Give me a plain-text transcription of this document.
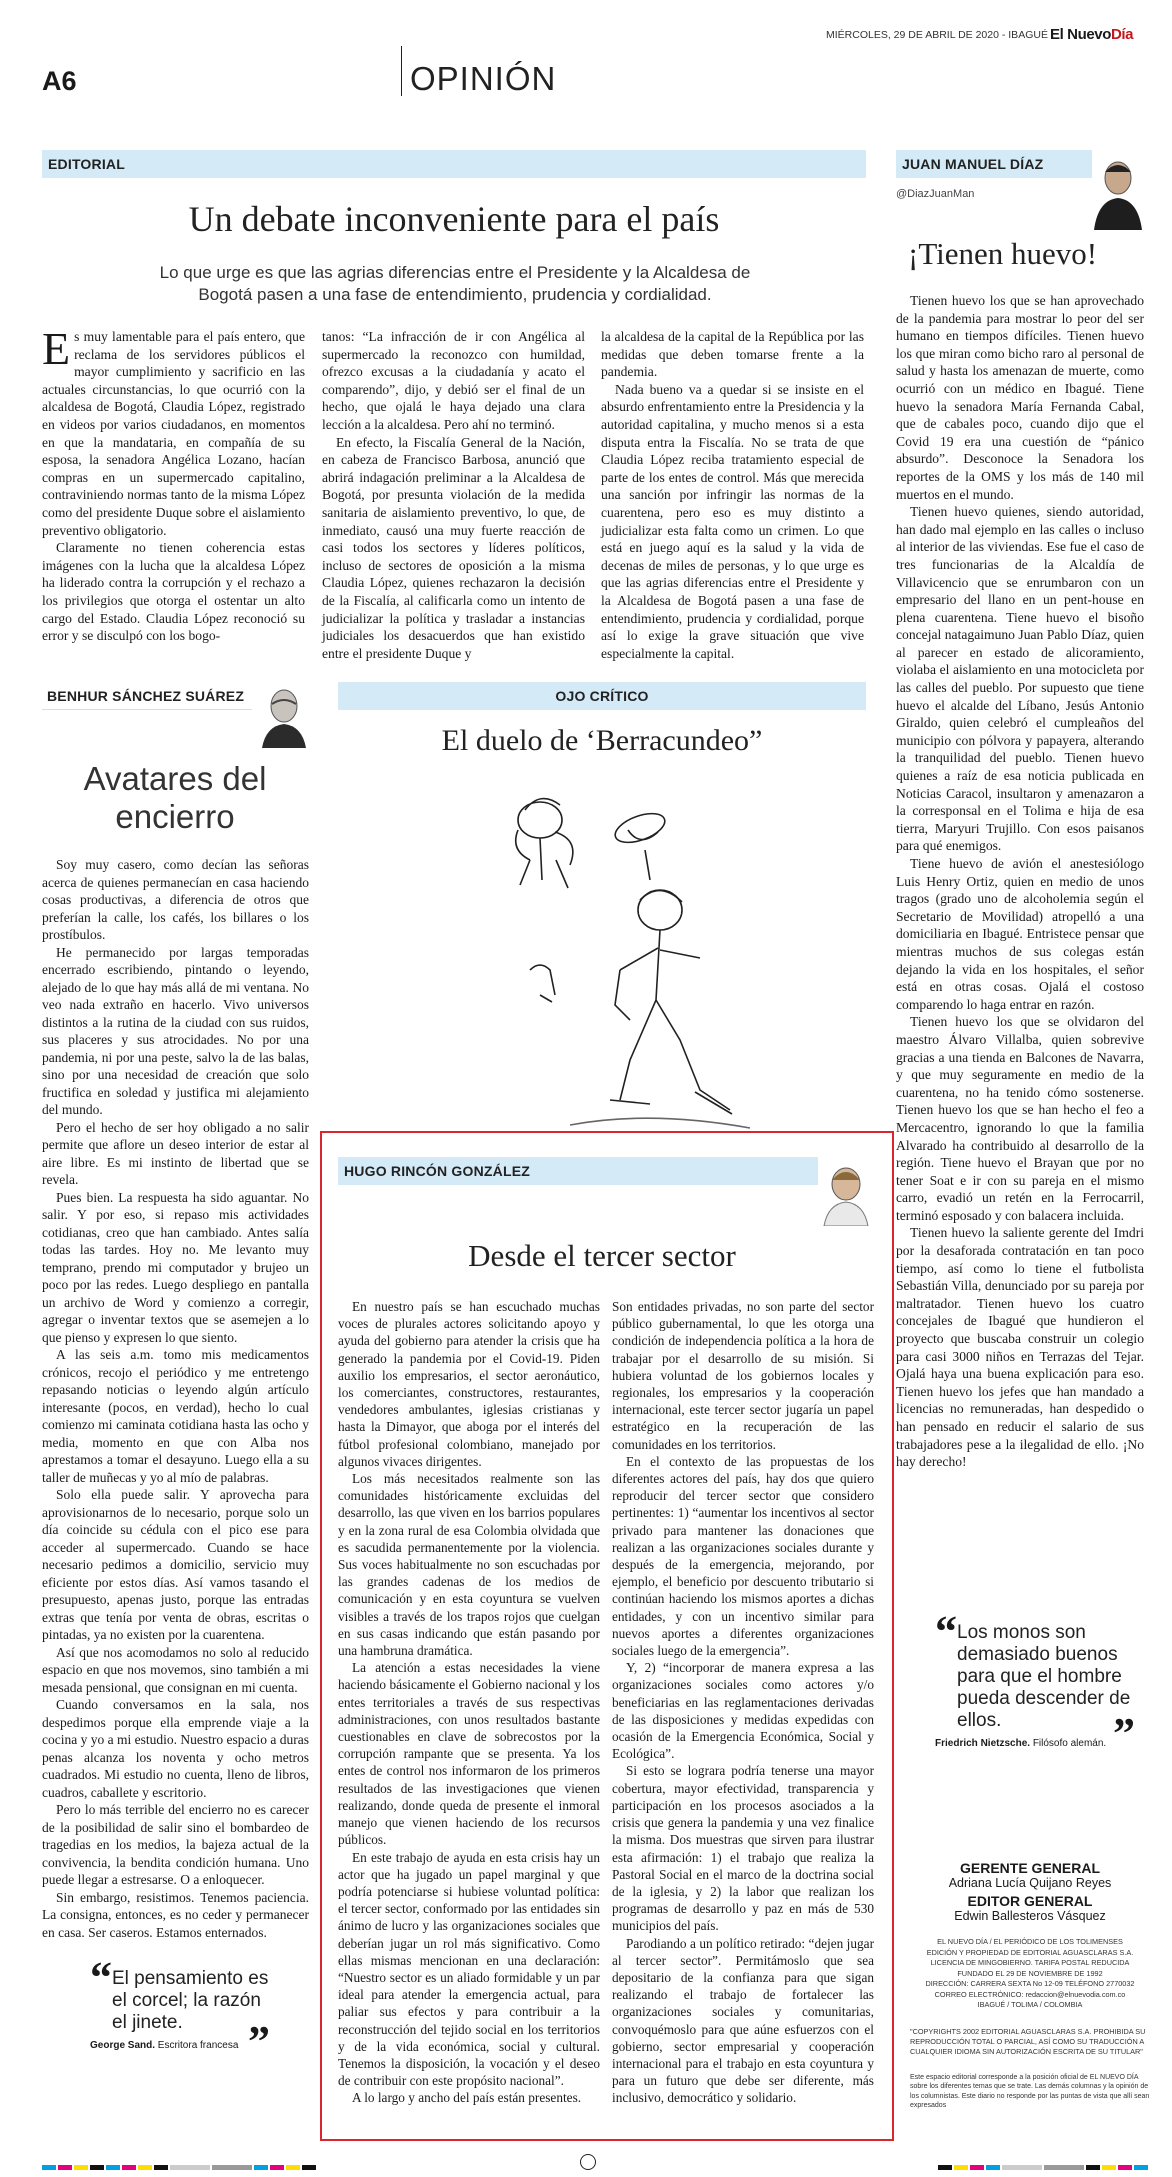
MIÉRCOLES, 29 DE ABRIL DE 2020 - IBAGUÉ El NuevoDía
A6	OPINIÓN
EDITORIAL
Un debate inconveniente para el país
Lo que urge es que las agrias diferencias entre el Presidente y la Alcaldesa de Bogotá pasen a una fase de entendimiento, prudencia y cordialidad.

Es muy lamentable para el país entero, que reclama de los servidores públicos el mayor cumplimiento y sacrificio en las actuales circunstancias, lo que ocurrió con la alcaldesa de Bogotá, Claudia López, registrado en videos por varios ciudadanos, en momentos en que la mandataria, en compañía de su esposa, la senadora Angélica Lozano, hacían compras en un supermercado capitalino, contraviniendo normas tanto de la misma López como del presidente Duque sobre el aislamiento preventivo obligatorio.

Claramente no tienen coherencia estas imágenes con la lucha que la alcaldesa López ha liderado contra la corrupción y el rechazo a los privilegios que otorga el ostentar un alto cargo del Estado. Claudia López reconoció su error y se disculpó con los bogo-

tanos: “La infracción de ir con Angélica al supermercado la reconozco con humildad, ofrezco excusas a la ciudadanía y acato el comparendo”, dijo, y debió ser el final de un hecho, que ojalá le haya dejado una clara lección a la alcaldesa. Pero ahí no terminó.

En efecto, la Fiscalía General de la Nación, en cabeza de Francisco Barbosa, anunció que abrirá indagación preliminar a la Alcaldesa de Bogotá, por presunta violación de la medida sanitaria de aislamiento preventivo, lo que, de inmediato, causó una muy fuerte reacción de casi todos los sectores y líderes políticos, incluso de sectores de oposición a la misma Claudia López, quienes rechazaron la decisión de la Fiscalía, al calificarla como un intento de judicializar la política y trasladar a instancias judiciales los desacuerdos que han existido entre el presidente Duque y

la alcaldesa de la capital de la República por las medidas que deben tomarse frente a la pandemia.

Nada bueno va a quedar si se insiste en el absurdo enfrentamiento entre la Presidencia y la autoridad capitalina, y mucho menos si a esta disputa entra la Fiscalía. No se trata de que Claudia López reciba tratamiento especial de parte de los entes de control. Más que merecida una sanción por infringir las normas de la cuarentena, pero eso es muy distinto a judicializar esta falta como un crimen. Lo que está en juego aquí es la salud y la vida de decenas de miles de personas, y lo que urge es que las agrias diferencias entre el Presidente y la Alcaldesa de Bogotá pasen a una fase de entendimiento, prudencia y cordialidad, porque así lo exige la grave situación que vive especialmente la capital.

BENHUR SÁNCHEZ SUÁREZ
Avatares del encierro

Soy muy casero, como decían las señoras acerca de quienes permanecían en casa haciendo cosas productivas, a diferencia de otros que preferían la calle, los cafés, los billares o los prostíbulos.

He permanecido por largas temporadas encerrado escribiendo, pintando o leyendo, alejado de lo que hay más allá de mi ventana. No veo nada extraño en hacerlo. Vivo universos distintos a la rutina de la ciudad con sus ruidos, sus placeres y sus atrocidades. No por una pandemia, ni por una peste, salvo la de las balas, sino por una necesidad de creación que solo fructifica en soledad y justifica mi alejamiento del mundo.

Pero el hecho de ser hoy obligado a no salir permite que aflore un deseo interior de estar al aire libre. Es mi instinto de libertad que se revela.

Pues bien. La respuesta ha sido aguantar. No salir. Y por eso, si repaso mis actividades cotidianas, creo que han cambiado. Antes salía todas las tardes. Hoy no. Me levanto muy temprano, prendo mi computador y brujeo un poco por las redes. Luego despliego en pantalla un archivo de Word y comienzo a corregir, agregar o inventar textos que se asemejen a lo que pienso y expresen lo que siento.

A las seis a.m. tomo mis medicamentos crónicos, recojo el periódico y me entretengo repasando noticias o leyendo algún artículo interesante (pocos, en verdad), hecho lo cual comienzo mi caminata cotidiana hasta las ocho y media, momento en que con Alba nos aprestamos a tomar el desayuno. Luego ella a su taller de muñecas y yo al mío de palabras.

Solo ella puede salir. Y aprovecha para aprovisionarnos de lo necesario, porque solo un día coincide su cédula con el pico ese para acceder al supermercado. Cuando se hace necesario pedimos a domicilio, servicio muy eficiente por estos días. Así vamos tasando el presupuesto, apenas justo, porque las entradas extras que tenía por venta de obras, escritas o pintadas, ya no existen por la cuarentena.

Así que nos acomodamos no solo al reducido espacio en que nos movemos, sino también a mi mesada pensional, que consignan en mi cuenta.

Cuando conversamos en la sala, nos despedimos porque ella emprende viaje a la cocina y yo a mi estudio. Nuestro espacio a duras penas alcanza los noventa y ocho metros cuadrados. Mi estudio no cuenta, lleno de libros, cuadros, caballete y escritorio.

Pero lo más terrible del encierro no es carecer de la posibilidad de salir sino el bombardeo de tragedias en los medios, la bajeza actual de la convivencia, la bendita condición humana. Uno puede llegar a estresarse. O a enloquecer.

Sin embargo, resistimos. Tenemos paciencia. La consigna, entonces, es no ceder y permanecer en casa. Ser caseros. Estamos enternados.

“ El pensamiento es el corcel; la razón el jinete.
George Sand. Escritora francesa ”
OJO CRÍTICO
El duelo de ‘Berracundeo”
HUGO RINCÓN GONZÁLEZ
Desde el tercer sector

En nuestro país se han escuchado muchas voces de plurales actores solicitando apoyo y ayuda del gobierno para atender la crisis que ha generado la pandemia por el Covid-19. Piden auxilio los empresarios, el sector aeronáutico, los comerciantes, constructores, restaurantes, vendedores ambulantes, iglesias cristianas y hasta la Dimayor, que aboga por el interés del fútbol profesional colombiano, manejado por algunos vivaces dirigentes.

Los más necesitados realmente son las comunidades históricamente excluidas del desarrollo, las que viven en los barrios populares y en la zona rural de esa Colombia olvidada que es sacudida permanentemente por la violencia. Sus voces habitualmente no son escuchadas por las grandes cadenas de los medios de comunicación y en esta coyuntura se vuelven visibles a través de los trapos rojos que cuelgan en sus casas indicando que están pasando por una hambruna dramática.

La atención a estas necesidades la viene haciendo básicamente el Gobierno nacional y los entes territoriales a través de sus respectivas administraciones, con unos resultados bastante cuestionables en clave de sobrecostos por la corrupción rampante que se presenta. Ya los entes de control nos informaron de los primeros resultados de las investigaciones que vienen realizando, donde queda de presente el inmoral manejo que vienen haciendo de los recursos públicos.

En este trabajo de ayuda en esta crisis hay un actor que ha jugado un papel marginal y que podría potenciarse si hubiese voluntad política: el tercer sector, conformado por las entidades sin ánimo de lucro y las organizaciones sociales que deberían jugar un rol más significativo. Como ellas mismas mencionan en una declaración: “Nuestro sector es un aliado formidable y un par ideal para atender la emergencia actual, para paliar sus efectos y para contribuir a la reconstrucción del tejido social en los territorios y de la vida económica, social y cultural. Tenemos la disposición, la vocación y el deseo de contribuir con este propósito nacional”.

A lo largo y ancho del país están presentes.

Son entidades privadas, no son parte del sector público gubernamental, lo que les otorga una condición de independencia política a la hora de trabajar por el desarrollo de su misión. Si hubiera voluntad de los gobiernos locales y regionales, los empresarios y la cooperación internacional, este tercer sector jugaría un papel estratégico en la recuperación de las comunidades en los territorios.

En el contexto de las propuestas de los diferentes actores del país, hay dos que quiero reproducir del tercer sector que considero pertinentes: 1) “aumentar los incentivos al sector privado para mantener las donaciones que realizan a las organizaciones sociales durante y después de la emergencia, mejorando, por ejemplo, el beneficio por descuento tributario si continúan haciendo los mismos aportes a dichas entidades, y con un incentivo similar para nuevos aportes a diferentes organizaciones sociales luego de la emergencia”.

Y, 2) “incorporar de manera expresa a las organizaciones sociales como actores y/o beneficiarias en las reglamentaciones derivadas de las disposiciones y medidas expedidas con ocasión de la Emergencia Económica, Social y Ecológica”.

Si esto se lograra podría tenerse una mayor cobertura, mayor efectividad, transparencia y participación en los procesos asociados a la crisis que genera la pandemia y una vez finalice la misma. Dos muestras que sirven para ilustrar esta afirmación: 1) el trabajo que realiza la Pastoral Social en el marco de la doctrina social de la iglesia, y 2) la labor que realizan los programas de desarrollo y paz en más de 530 municipios del país.

Parodiando a un político retirado: “dejen jugar al tercer sector”. Permitámoslo que sea depositario de la confianza para que sigan realizando el trabajo de fortalecer las organizaciones sociales y comunitarias, convoquémoslo para que aúne esfuerzos con el gobierno, sector empresarial y cooperación internacional para el trabajo en esta coyuntura y para un futuro que debe ser diferente, más inclusivo, democrático y solidario.

JUAN MANUEL DÍAZ
@DiazJuanMan
¡Tienen huevo!

Tienen huevo los que se han aprovechado de la pandemia para mostrar lo peor del ser humano en tiempos difíciles. Tienen huevo los que miran como bicho raro al personal de salud y hasta los amenazan de muerte, como ocurrió con un médico en Ibagué. Tiene huevo la senadora María Fernanda Cabal, que de cabales poco, cuando dijo que el Covid 19 era una cuestión de “pánico absurdo”. Desconoce la Senadora los reportes de la OMS y los más de 140 mil muertos en el mundo.

Tienen huevo quienes, siendo autoridad, han dado mal ejemplo en las calles o incluso al interior de las viviendas. Ese fue el caso de tres funcionarias de la Alcaldía de Villavicencio que se enrumbaron con un empresario del llano en un pent-house en plena cuarentena. Tiene huevo el bisoño concejal natagaimuno Juan Pablo Díaz, quien al parecer en estado de alicoramiento, violaba el aislamiento en una motocicleta por las calles del pueblo. Por supuesto que tiene huevo el alcalde del Líbano, Jesús Antonio Giraldo, quien celebró el cumpleaños del municipio con pólvora y papayera, alterando la tranquilidad del pueblo. Tienen huevo quienes a raíz de esa noticia publicada en Noticias Caracol, insultaron y amenazaron a la corresponsal en el Tolima e hija de esa tierra, Maryuri Trujillo. Con esos paisanos para qué enemigos.

Tiene huevo de avión el anestesiólogo Luis Henry Ortiz, quien en medio de unos tragos (grado uno de alcoholemia según el Secretario de Movilidad) atropelló a una domiciliaria en Ibagué. Entristece pensar que mientras muchos de sus colegas están dejando la vida en los hospitales, el señor está en otras cosas. Ojalá el costoso comparendo lo haga entrar en razón.

Tienen huevo los que se olvidaron del maestro Álvaro Villalba, quien sobrevive gracias a una tienda en Balcones de Navarra, y que muy seguramente en medio de la cuarentena, no ha tenido cómo sostenerse. Tienen huevo los que se han hecho el feo a Mercacentro, ignorando lo que la familia Alvarado ha contribuido al desarrollo de la región. Tiene huevo el Brayan que por no tener Soat e ir con su pareja en el mismo carro, evadió un retén en la Ferrocarril, terminó esposado y con balacera incluida.

Tienen huevo la saliente gerente del Imdri por la desaforada contratación en tan poco tiempo, así como lo tiene el futbolista Sebastián Villa, denunciado por su pareja por maltratador. Tienen huevo los cuatro concejales de Ibagué que hundieron el proyecto que buscaba construir un colegio para casi 3000 niños en Terrazas del Tejar. Ojalá haya una buena explicación para eso. Tienen huevo los jefes que han mandado a licencias no remuneradas, han despedido o han pensado en reducir el salario de sus trabajadores pese a la ilegalidad de ello. ¡No hay derecho!

“ Los monos son demasiado buenos para que el hombre pueda descender de ellos.
Friedrich Nietzsche. Filósofo alemán. ”
GERENTE GENERAL
Adriana Lucía Quijano Reyes
EDITOR GENERAL
Edwin Ballesteros Vásquez
EL NUEVO DÍA / EL PERIÓDICO DE LOS TOLIMENSES
EDICIÓN Y PROPIEDAD DE EDITORIAL AGUASCLARAS S.A.
LICENCIA DE MINGOBIERNO. TARIFA POSTAL REDUCIDA
FUNDADO EL 29 DE NOVIEMBRE DE 1992
DIRECCIÓN: CARRERA SEXTA No 12-09 TELÉFONO 2770032
CORREO ELECTRÓNICO: redaccion@elnuevodia.com.co
IBAGUÉ / TOLIMA / COLOMBIA
"COPYRIGHTS 2002 EDITORIAL AGUASCLARAS S.A. PROHIBIDA SU REPRODUCCIÓN TOTAL O PARCIAL, ASÍ COMO SU TRADUCCIÓN A CUALQUIER IDIOMA SIN AUTORIZACIÓN ESCRITA DE SU TITULAR"
Este espacio editorial corresponde a la posición oficial de EL NUEVO DÍA sobre los diferentes temas que se trate. Las demás columnas y la opinión de los columnistas. Este diario no responde por las puntas de vista que allí sean expresados
